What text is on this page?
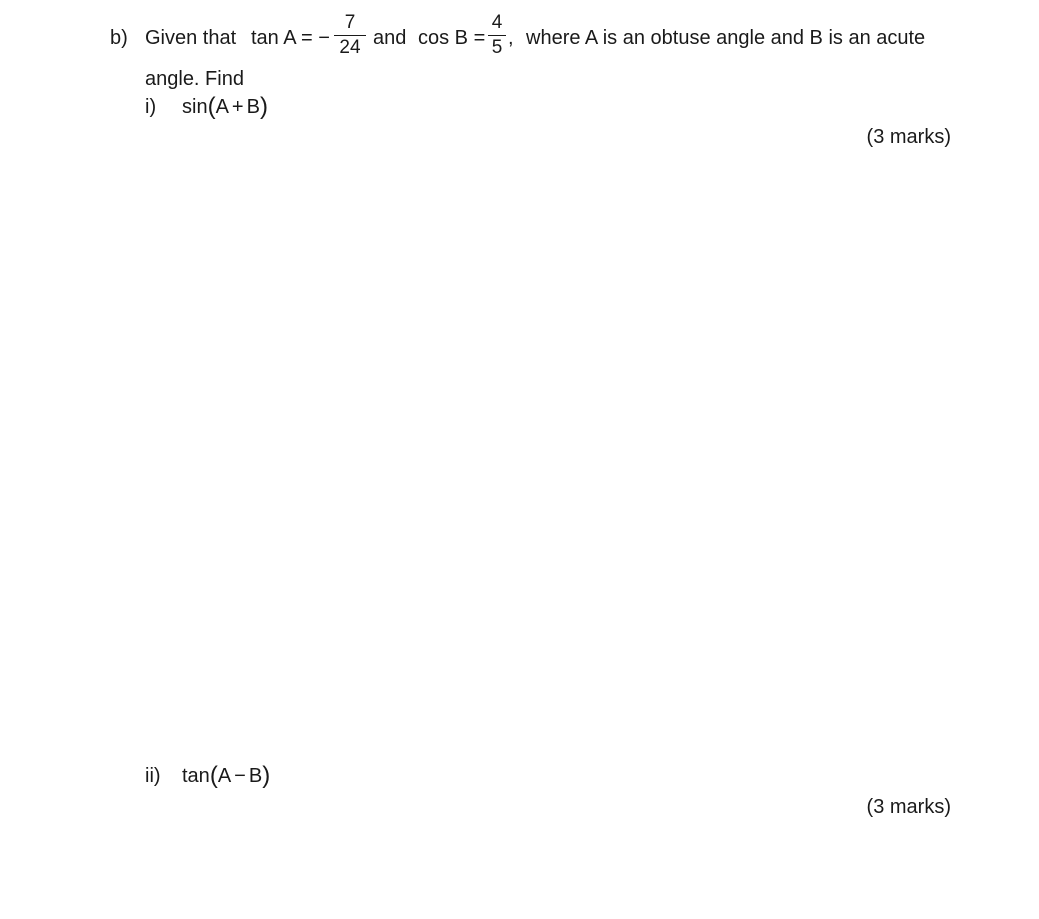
b) Given that tan A = −
7
24 and cos B =
4
5 , where A is an obtuse angle and B is an acute
angle. Find
i) sin(A + B)
(3 marks)
ii) tan(A − B)
(3 marks)
